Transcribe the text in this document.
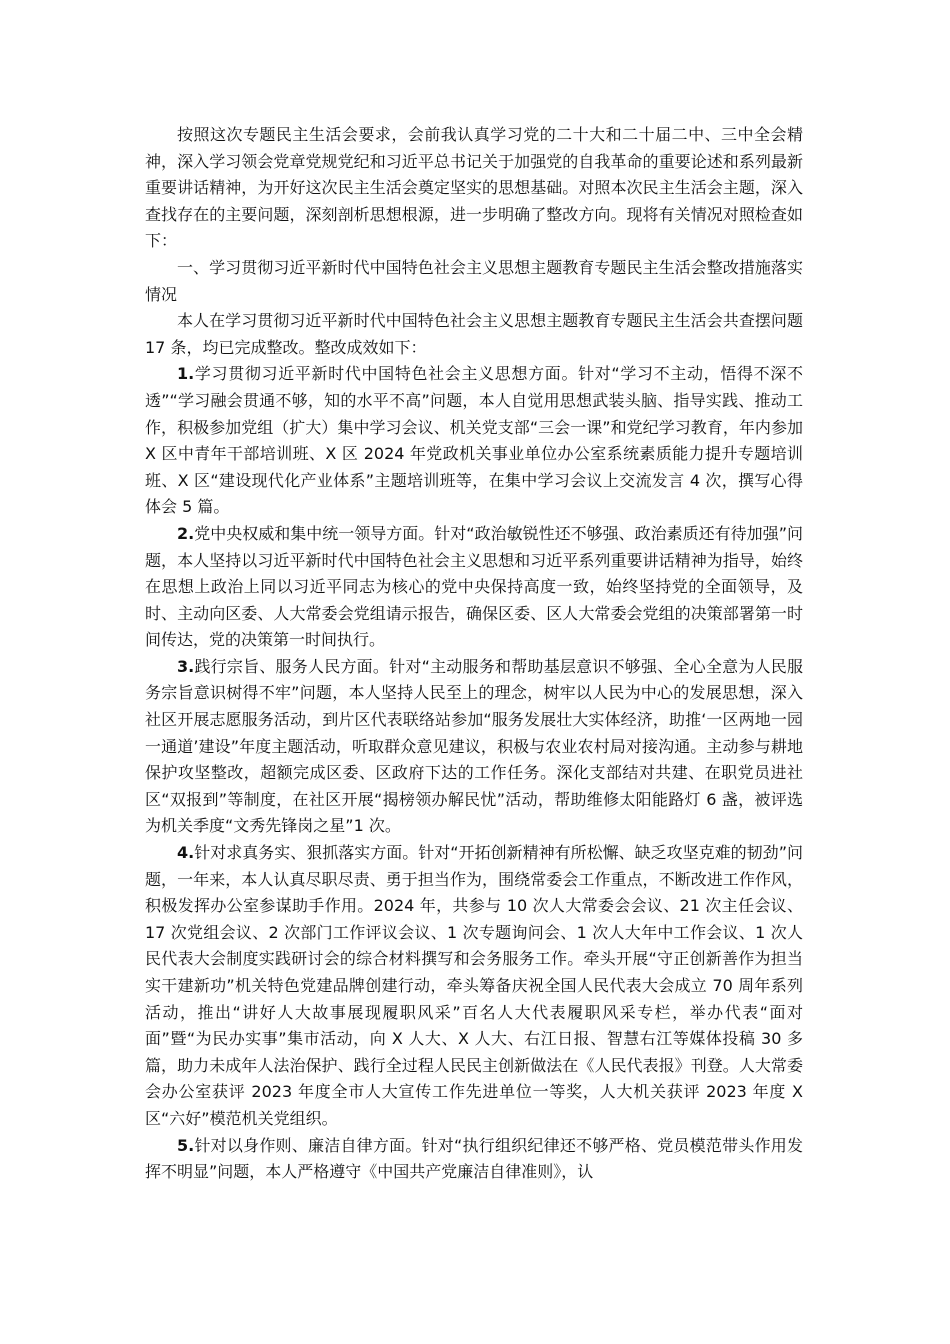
按照这次专题民主生活会要求，会前我认真学习党的二十大和二十届二中、三中全会精神，深入学习领会党章党规党纪和习近平总书记关于加强党的自我革命的重要论述和系列最新重要讲话精神，为开好这次民主生活会奠定坚实的思想基础。对照本次民主生活会主题，深入查找存在的主要问题，深刻剖析思想根源，进一步明确了整改方向。现将有关情况对照检查如下：

一、学习贯彻习近平新时代中国特色社会主义思想主题教育专题民主生活会整改措施落实情况

本人在学习贯彻习近平新时代中国特色社会主义思想主题教育专题民主生活会共查摆问题 17 条，均已完成整改。整改成效如下：

1.学习贯彻习近平新时代中国特色社会主义思想方面。针对“学习不主动，悟得不深不透”“学习融会贯通不够，知的水平不高”问题，本人自觉用思想武装头脑、指导实践、推动工作，积极参加党组（扩大）集中学习会议、机关党支部“三会一课”和党纪学习教育，年内参加 X 区中青年干部培训班、X 区 2024 年党政机关事业单位办公室系统素质能力提升专题培训班、X 区“建设现代化产业体系”主题培训班等，在集中学习会议上交流发言 4 次，撰写心得体会 5 篇。

2.党中央权威和集中统一领导方面。针对“政治敏锐性还不够强、政治素质还有待加强”问题，本人坚持以习近平新时代中国特色社会主义思想和习近平系列重要讲话精神为指导，始终在思想上政治上同以习近平同志为核心的党中央保持高度一致，始终坚持党的全面领导，及时、主动向区委、人大常委会党组请示报告，确保区委、区人大常委会党组的决策部署第一时间传达，党的决策第一时间执行。

3.践行宗旨、服务人民方面。针对“主动服务和帮助基层意识不够强、全心全意为人民服务宗旨意识树得不牢”问题，本人坚持人民至上的理念，树牢以人民为中心的发展思想，深入社区开展志愿服务活动，到片区代表联络站参加“服务发展壮大实体经济，助推‘一区两地一园一通道’建设”年度主题活动，听取群众意见建议，积极与农业农村局对接沟通。主动参与耕地保护攻坚整改，超额完成区委、区政府下达的工作任务。深化支部结对共建、在职党员进社区“双报到”等制度，在社区开展“揭榜领办解民忧”活动，帮助维修太阳能路灯 6 盏，被评选为机关季度“文秀先锋岗之星”1 次。

4.针对求真务实、狠抓落实方面。针对“开拓创新精神有所松懈、缺乏攻坚克难的韧劲”问题，一年来，本人认真尽职尽责、勇于担当作为，围绕常委会工作重点，不断改进工作作风，积极发挥办公室参谋助手作用。2024 年，共参与 10 次人大常委会会议、21 次主任会议、17 次党组会议、2 次部门工作评议会议、1 次专题询问会、1 次人大年中工作会议、1 次人民代表大会制度实践研讨会的综合材料撰写和会务服务工作。牵头开展“守正创新善作为担当实干建新功”机关特色党建品牌创建行动，牵头筹备庆祝全国人民代表大会成立 70 周年系列活动，推出“讲好人大故事展现履职风采”百名人大代表履职风采专栏，举办代表“面对面”暨“为民办实事”集市活动，向 X 人大、X 人大、右江日报、智慧右江等媒体投稿 30 多篇，助力未成年人法治保护、践行全过程人民民主创新做法在《人民代表报》刊登。人大常委会办公室获评 2023 年度全市人大宣传工作先进单位一等奖，人大机关获评 2023 年度 X 区“六好”模范机关党组织。

5.针对以身作则、廉洁自律方面。针对“执行组织纪律还不够严格、党员模范带头作用发挥不明显”问题，本人严格遵守《中国共产党廉洁自律准则》，认
